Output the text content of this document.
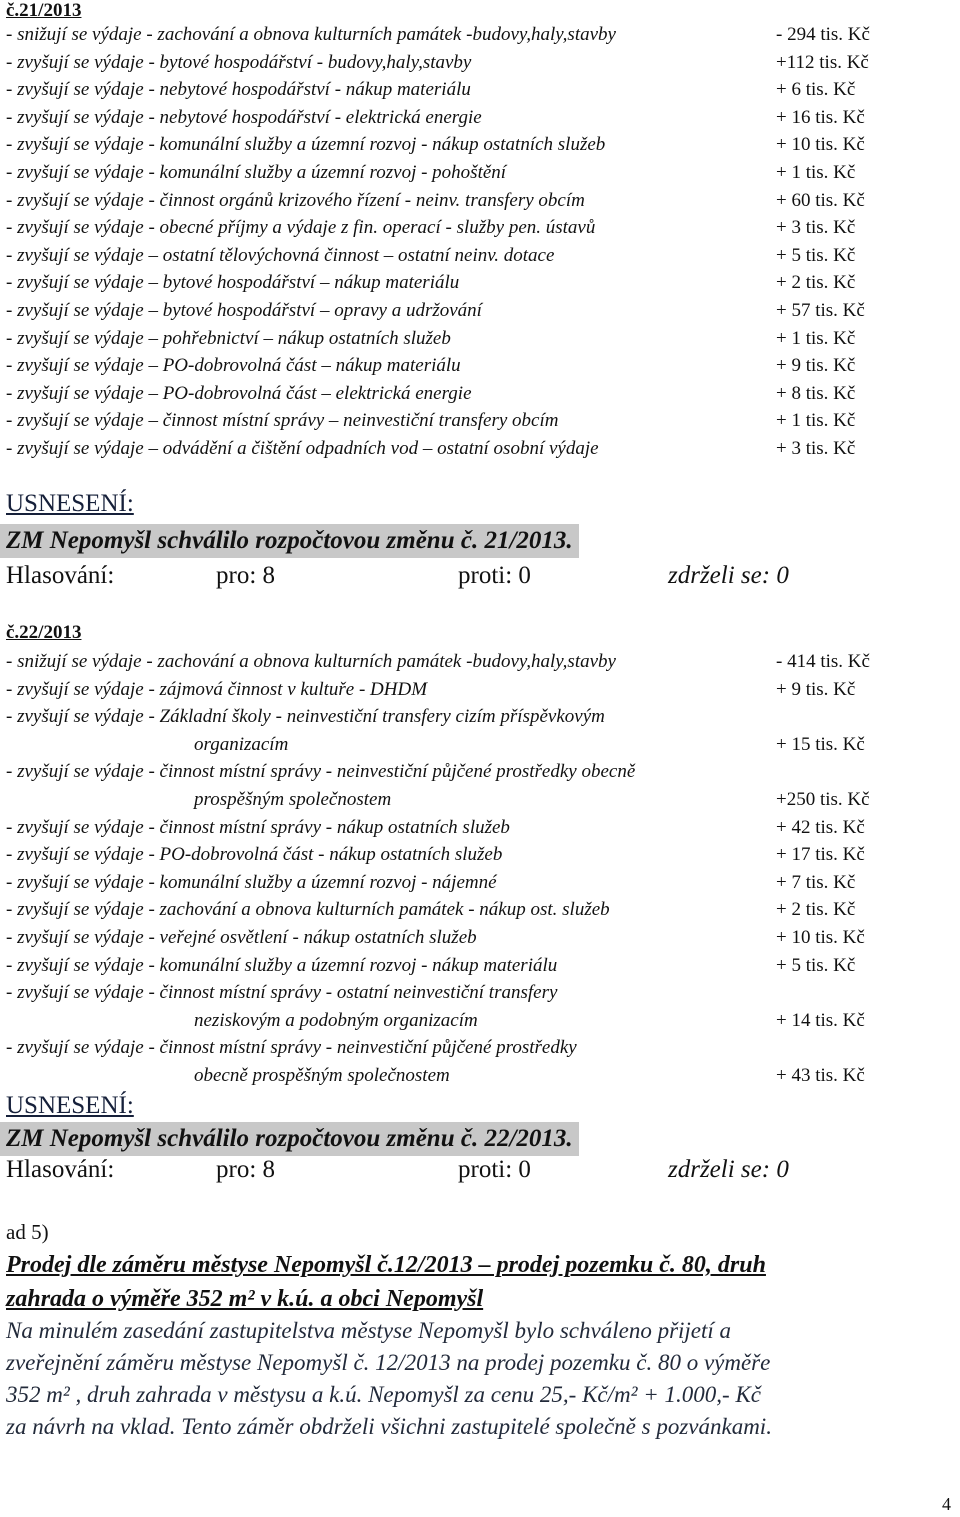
č.21/2013
- snižují se výdaje - zachování a obnova kulturních památek -budovy,haly,stavby	- 294 tis. Kč
- zvyšují se výdaje - bytové hospodářství - budovy,haly,stavby	+112 tis. Kč
- zvyšují se výdaje - nebytové hospodářství - nákup materiálu	+ 6 tis. Kč
- zvyšují se výdaje - nebytové hospodářství - elektrická energie	+ 16 tis. Kč
- zvyšují se výdaje - komunální služby a územní rozvoj - nákup ostatních služeb	+ 10 tis. Kč
- zvyšují se výdaje - komunální služby a územní rozvoj - pohoštění	+ 1 tis. Kč
- zvyšují se výdaje - činnost orgánů krizového řízení - neinv. transfery obcím	+ 60 tis. Kč
- zvyšují se výdaje - obecné příjmy a výdaje z fin. operací - služby pen. ústavů	+ 3 tis. Kč
- zvyšují se výdaje – ostatní tělovýchovná činnost – ostatní neinv. dotace	+ 5 tis. Kč
- zvyšují se výdaje – bytové hospodářství – nákup materiálu	+ 2 tis. Kč
- zvyšují se výdaje – bytové hospodářství – opravy a udržování	+ 57 tis. Kč
- zvyšují se výdaje – pohřebnictví – nákup ostatních služeb	+ 1 tis. Kč
- zvyšují se výdaje – PO-dobrovolná část – nákup materiálu	+ 9 tis. Kč
- zvyšují se výdaje – PO-dobrovolná část – elektrická energie	+ 8 tis. Kč
- zvyšují se výdaje – činnost místní správy – neinvestiční transfery obcím	+ 1 tis. Kč
- zvyšují se výdaje – odvádění a čištění odpadních vod – ostatní osobní výdaje	+ 3 tis. Kč
USNESENÍ:
ZM Nepomyšl schválilo rozpočtovou změnu č. 21/2013.
Hlasování:	pro: 8	proti: 0	zdrželi se: 0
č.22/2013
- snižují se výdaje - zachování a obnova kulturních památek -budovy,haly,stavby	- 414 tis. Kč
- zvyšují se výdaje - zájmová činnost v kultuře - DHDM	+ 9 tis. Kč
- zvyšují se výdaje - Základní školy - neinvestiční transfery cizím příspěvkovým
organizacím	+ 15 tis. Kč
- zvyšují se výdaje - činnost místní správy - neinvestiční půjčené prostředky obecně
prospěšným společnostem	+250 tis. Kč
- zvyšují se výdaje - činnost místní správy - nákup ostatních služeb	+ 42 tis. Kč
- zvyšují se výdaje - PO-dobrovolná část - nákup ostatních služeb	+ 17 tis. Kč
- zvyšují se výdaje - komunální služby a územní rozvoj - nájemné	+ 7 tis. Kč
- zvyšují se výdaje - zachování a obnova kulturních památek - nákup ost. služeb	+ 2 tis. Kč
- zvyšují se výdaje - veřejné osvětlení - nákup ostatních služeb	+ 10 tis. Kč
- zvyšují se výdaje - komunální služby a územní rozvoj - nákup materiálu	+ 5 tis. Kč
- zvyšují se výdaje - činnost místní správy - ostatní neinvestiční transfery
neziskovým a podobným organizacím	+ 14 tis. Kč
- zvyšují se výdaje - činnost místní správy - neinvestiční půjčené prostředky
obecně prospěšným společnostem	+ 43 tis. Kč
USNESENÍ:
ZM Nepomyšl schválilo rozpočtovou změnu č. 22/2013.
Hlasování:	pro: 8	proti: 0	zdrželi se: 0
ad 5)
Prodej dle záměru městyse Nepomyšl č.12/2013 – prodej pozemku č. 80, druh
zahrada o výměře 352 m² v k.ú. a obci Nepomyšl
Na minulém zasedání zastupitelstva městyse Nepomyšl bylo schváleno přijetí a
zveřejnění záměru městyse Nepomyšl č. 12/2013 na prodej pozemku č. 80 o výměře
352 m² , druh zahrada v městysu a k.ú. Nepomyšl za cenu 25,- Kč/m² + 1.000,- Kč
za návrh na vklad. Tento záměr obdrželi všichni zastupitelé společně s pozvánkami.
4
